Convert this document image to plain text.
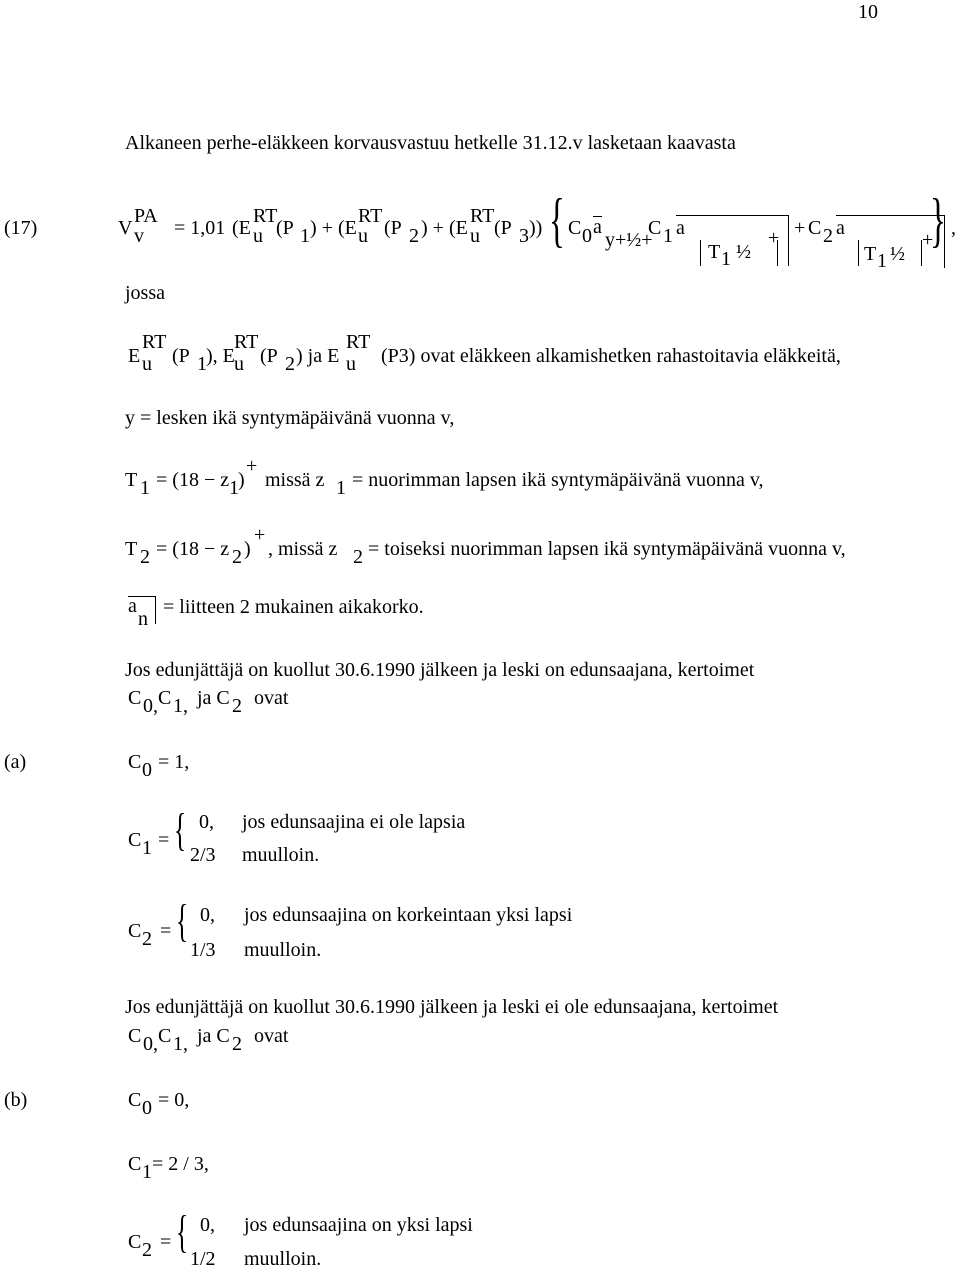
10
Alkaneen perhe-eläkkeen korvausvastuu hetkelle 31.12.v lasketaan kaavasta
(17)	V
PA
v = 1,01 (E
RT
u (P 1 ) + (E
RT
u (P 2 ) + (E
RT
u (P 3 )) { C 0 a
y+½+
C 1 a
T 1 ½
+ + C 2 a
T 1 ½
+
} ,
jossa
E
RT
u (P 1 ), E
RT
u (P 2 ) ja E
RT
u (P3) ovat eläkkeen alkamishetken rahastoitavia eläkkeitä,
y = lesken ikä syntymäpäivänä vuonna v,
T 1 = (18 − z 1 )
+
missä z 1 = nuorimman lapsen ikä syntymäpäivänä vuonna v,
T 2 = (18 − z 2 )
+
, missä z 2 = toiseksi nuorimman lapsen ikä syntymäpäivänä vuonna v,
a
n
= liitteen 2 mukainen aikakorko.
Jos edunjättäjä on kuollut 30.6.1990 jälkeen ja leski on edunsaajana, kertoimet
C 0, C 1, ja C 2 ovat
(a)	C 0 = 1,
C 1 = { 0, jos edunsaajina ei ole lapsia
2/3 muulloin.
C 2 = { 0, jos edunsaajina on korkeintaan yksi lapsi
1/3 muulloin.
Jos edunjättäjä on kuollut 30.6.1990 jälkeen ja leski ei ole edunsaajana, kertoimet
C 0, C 1, ja C 2 ovat
(b)	C 0 = 0,
C 1 = 2 / 3,
C 2 = { 0, jos edunsaajina on yksi lapsi
1/2 muulloin.
